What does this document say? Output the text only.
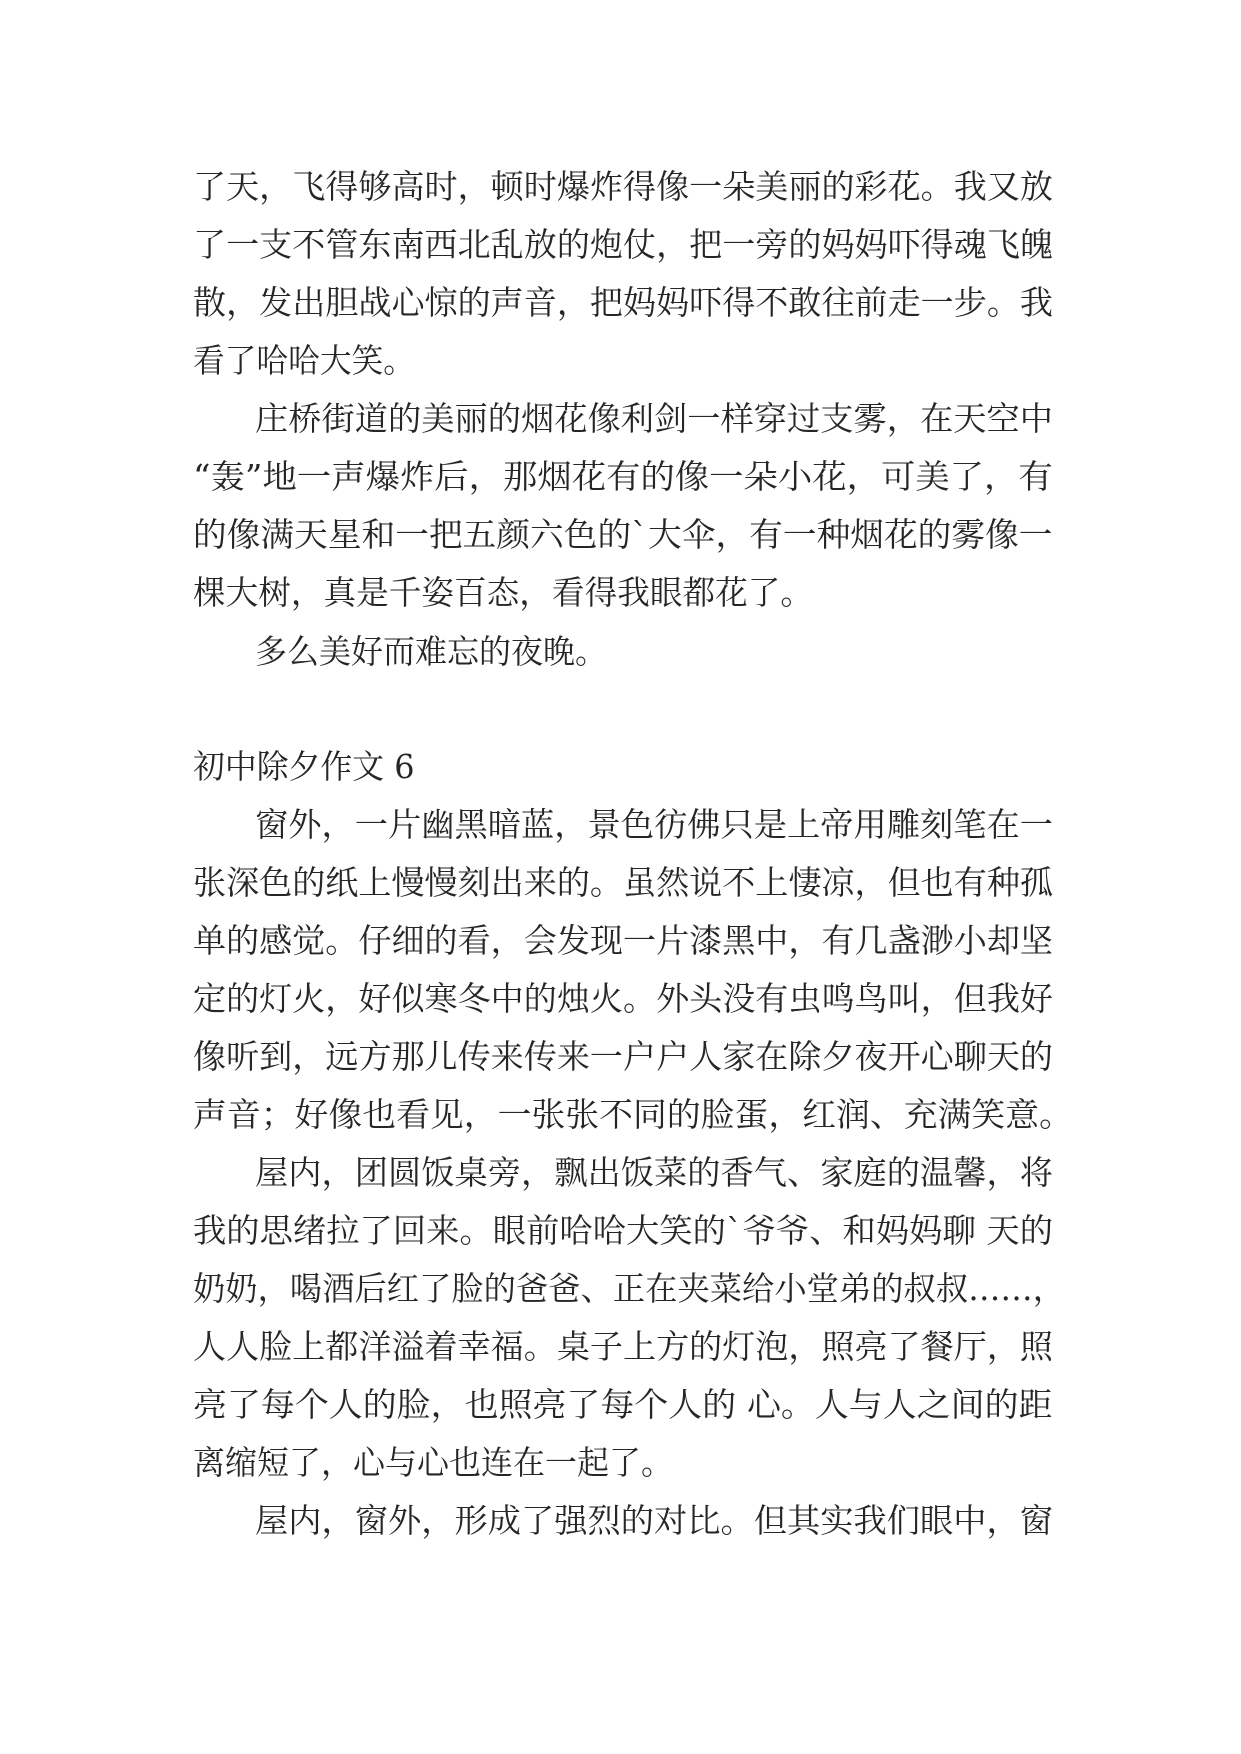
了天，飞得够高时，顿时爆炸得像一朵美丽的彩花。我又放
了一支不管东南西北乱放的炮仗，把一旁的妈妈吓得魂飞魄
散，发出胆战心惊的声音，把妈妈吓得不敢往前走一步。我
看了哈哈大笑。
庄桥街道的美丽的烟花像利剑一样穿过支雾，在天空中
“轰”地一声爆炸后，那烟花有的像一朵小花，可美了，有
的像满天星和一把五颜六色的`大伞，有一种烟花的雾像一
棵大树，真是千姿百态，看得我眼都花了。
多么美好而难忘的夜晚。
初中除夕作文 6
窗外，一片幽黑暗蓝，景色彷佛只是上帝用雕刻笔在一
张深色的纸上慢慢刻出来的。虽然说不上悽凉，但也有种孤
单的感觉。仔细的看，会发现一片漆黑中，有几盏渺小却坚
定的灯火，好似寒冬中的烛火。外头没有虫鸣鸟叫，但我好
像听到，远方那儿传来传来一户户人家在除夕夜开心聊天的
声音；好像也看见，一张张不同的脸蛋，红润、充满笑意。
屋内，团圆饭桌旁，飘出饭菜的香气、家庭的温馨，将
我的思绪拉了回来。眼前哈哈大笑的`爷爷、和妈妈聊 天的
奶奶，喝酒后红了脸的爸爸、正在夹菜给小堂弟的叔叔……，
人人脸上都洋溢着幸福。桌子上方的灯泡，照亮了餐厅，照
亮了每个人的脸，也照亮了每个人的 心。人与人之间的距
离缩短了，心与心也连在一起了。
屋内，窗外，形成了强烈的对比。但其实我们眼中，窗
